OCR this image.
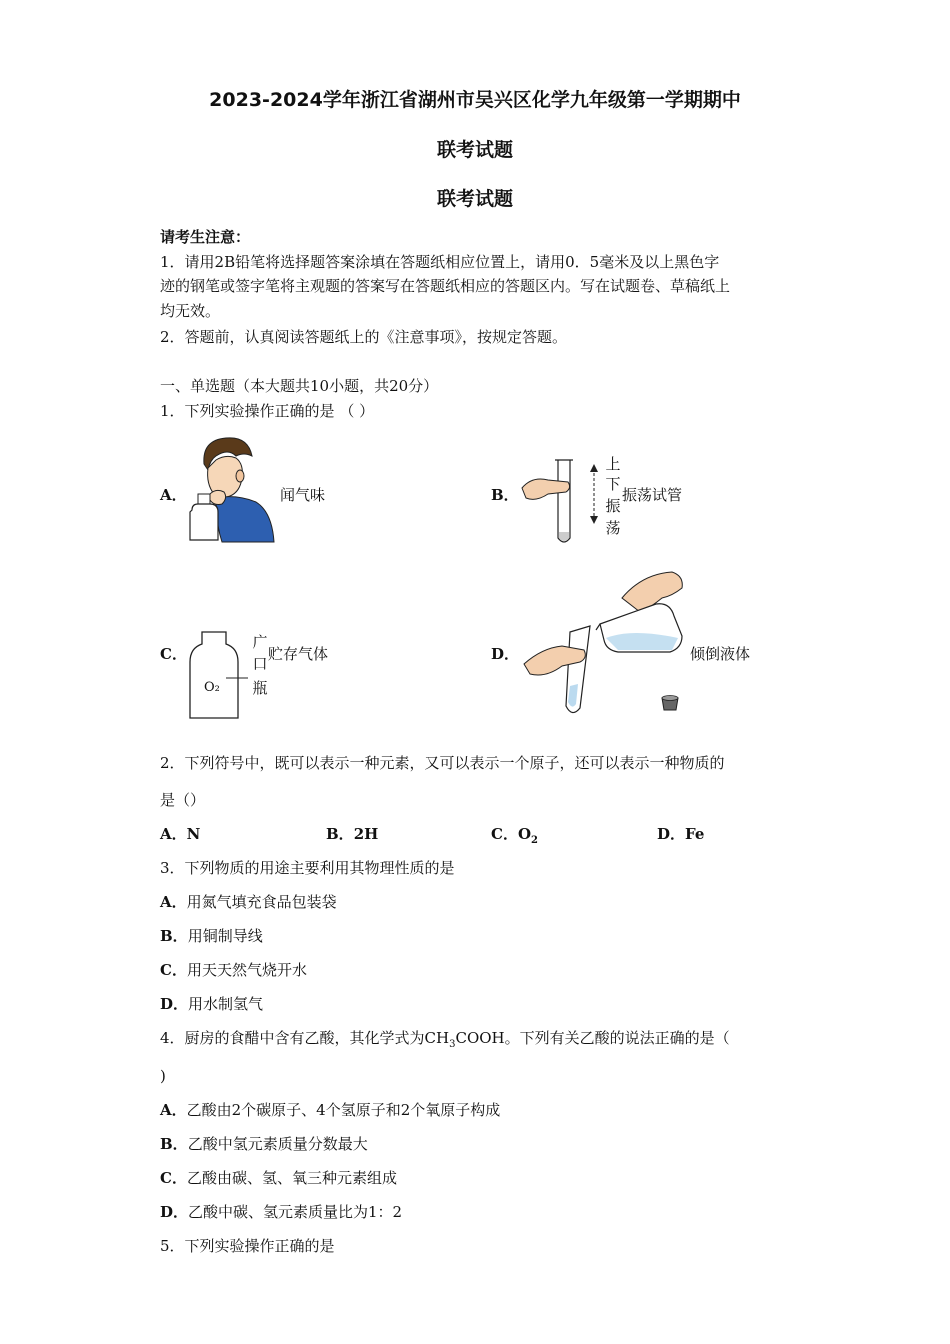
2023-2024学年浙江省湖州市吴兴区化学九年级第一学期期中
联考试题
联考试题
请考生注意：
1．请用2B铅笔将选择题答案涂填在答题纸相应位置上，请用0．5毫米及以上黑色字
迹的钢笔或签字笔将主观题的答案写在答题纸相应的答题区内。写在试题卷、草稿纸上
均无效。
2．答题前，认真阅读答题纸上的《注意事项》，按规定答题。
一、单选题（本大题共10小题，共20分）
1．下列实验操作正确的是 （ ）
A．	闻气味	B．
上
下
振
荡
振荡试管
C．
O₂
广
口
瓶
贮存气体	D．	倾倒液体
2．下列符号中，既可以表示一种元素，又可以表示一个原子，还可以表示一种物质的
是（）
A．N	B．2H	C．$O_2$	D．Fe
3．下列物质的用途主要利用其物理性质的是
A．用氮气填充食品包装袋
B．用铜制导线
C．用天天然气烧开水
D．用水制氢气
4．厨房的食醋中含有乙酸，其化学式为$CH_3COOH$。下列有关乙酸的说法正确的是（
)
A．乙酸由2个碳原子、4个氢原子和2个氧原子构成
B．乙酸中氢元素质量分数最大
C．乙酸由碳、氢、氧三种元素组成
D．乙酸中碳、氢元素质量比为1：2
5．下列实验操作正确的是
